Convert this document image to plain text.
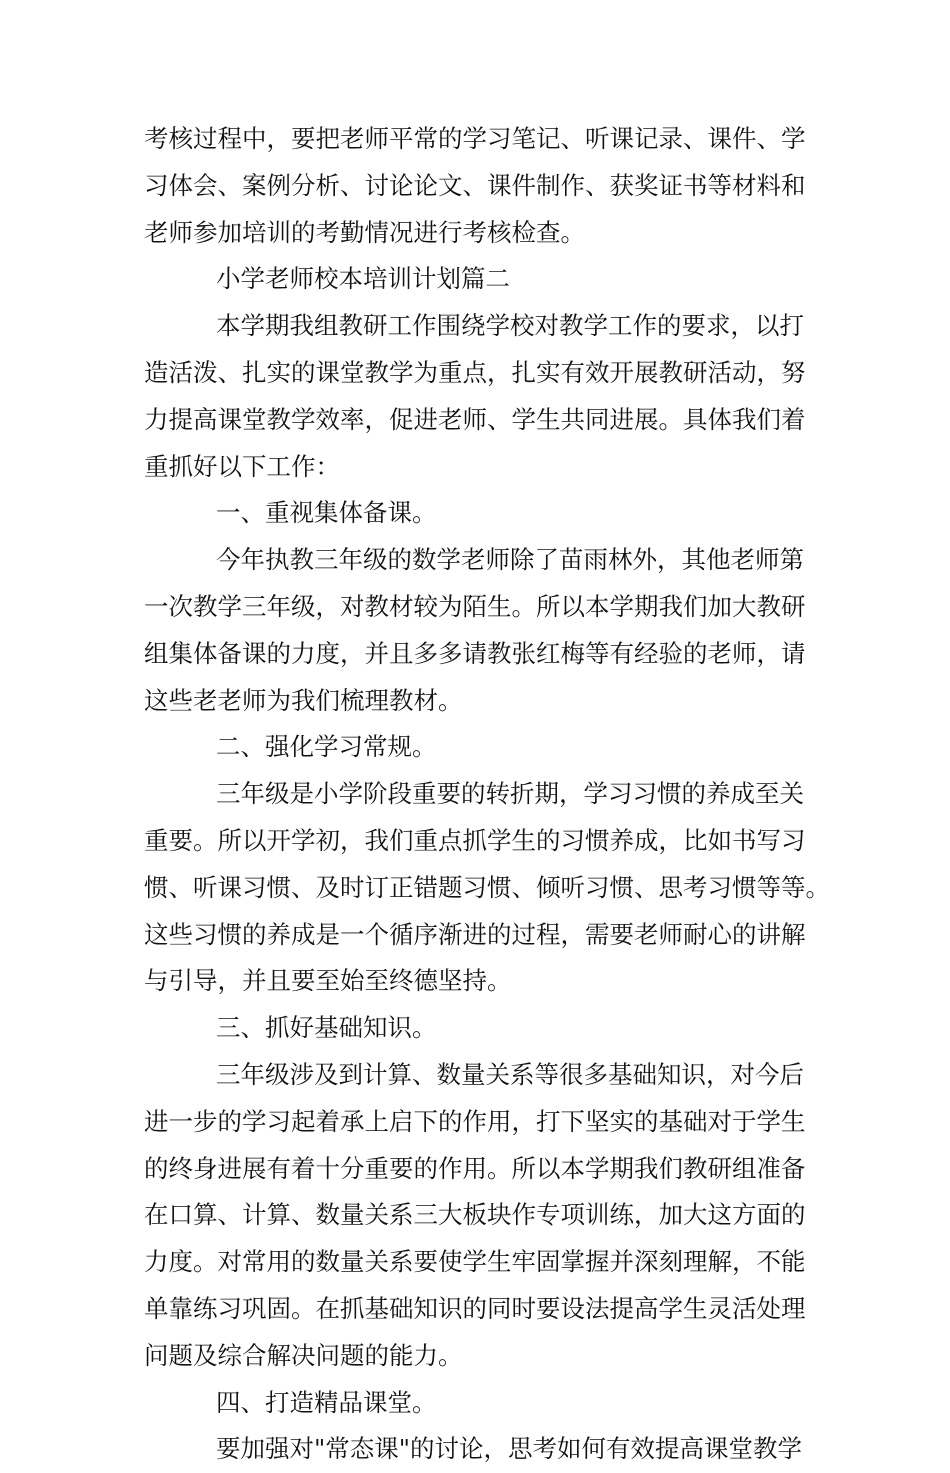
考核过程中，要把老师平常的学习笔记、听课记录、课件、学
习体会、案例分析、讨论论文、课件制作、获奖证书等材料和
老师参加培训的考勤情况进行考核检查。
小学老师校本培训计划篇二
本学期我组教研工作围绕学校对教学工作的要求，以打
造活泼、扎实的课堂教学为重点，扎实有效开展教研活动，努
力提高课堂教学效率，促进老师、学生共同进展。具体我们着
重抓好以下工作：
一、重视集体备课。
今年执教三年级的数学老师除了苗雨林外，其他老师第
一次教学三年级，对教材较为陌生。所以本学期我们加大教研
组集体备课的力度，并且多多请教张红梅等有经验的老师，请
这些老老师为我们梳理教材。
二、强化学习常规。
三年级是小学阶段重要的转折期，学习习惯的养成至关
重要。所以开学初，我们重点抓学生的习惯养成，比如书写习
惯、听课习惯、及时订正错题习惯、倾听习惯、思考习惯等等。
这些习惯的养成是一个循序渐进的过程，需要老师耐心的讲解
与引导，并且要至始至终德坚持。
三、抓好基础知识。
三年级涉及到计算、数量关系等很多基础知识，对今后
进一步的学习起着承上启下的作用，打下坚实的基础对于学生
的终身进展有着十分重要的作用。所以本学期我们教研组准备
在口算、计算、数量关系三大板块作专项训练，加大这方面的
力度。对常用的数量关系要使学生牢固掌握并深刻理解，不能
单靠练习巩固。在抓基础知识的同时要设法提高学生灵活处理
问题及综合解决问题的能力。
四、打造精品课堂。
要加强对"常态课"的讨论，思考如何有效提高课堂教学
